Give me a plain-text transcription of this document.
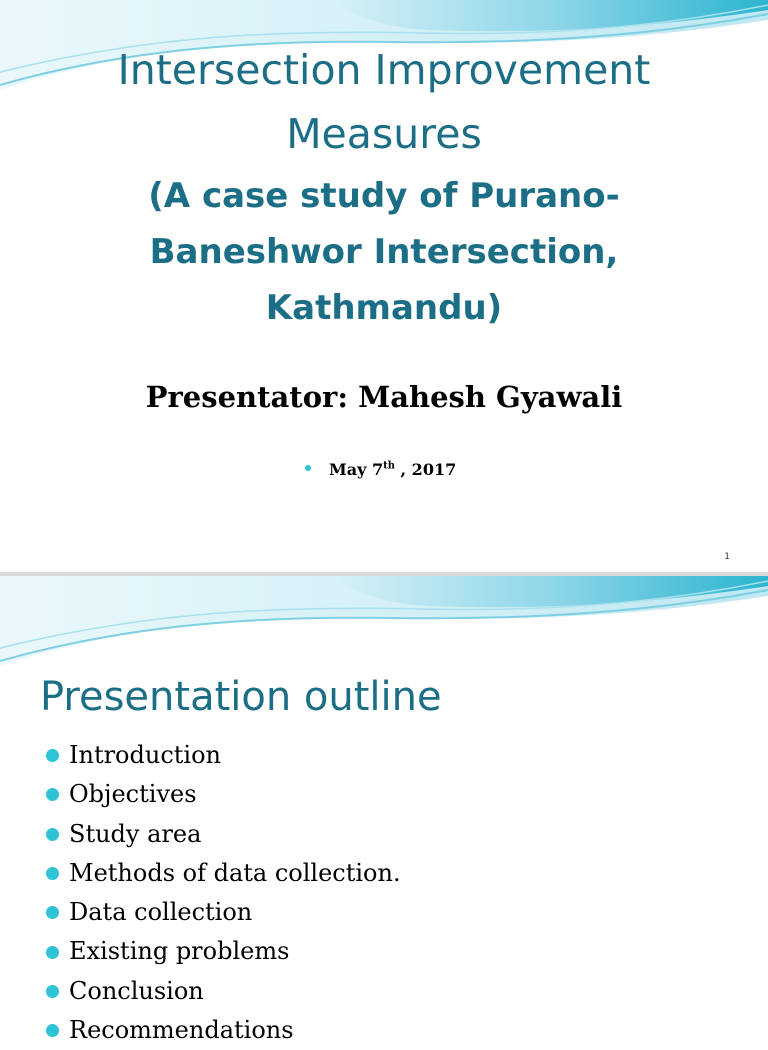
Intersection Improvement
Measures
(A case study of Purano-Baneshwor Intersection, Kathmandu)
Presentator: Mahesh Gyawali
May 7th , 2017
1
Presentation outline
Introduction
Objectives
Study area
Methods of data collection.
Data collection
Existing problems
Conclusion
Recommendations
